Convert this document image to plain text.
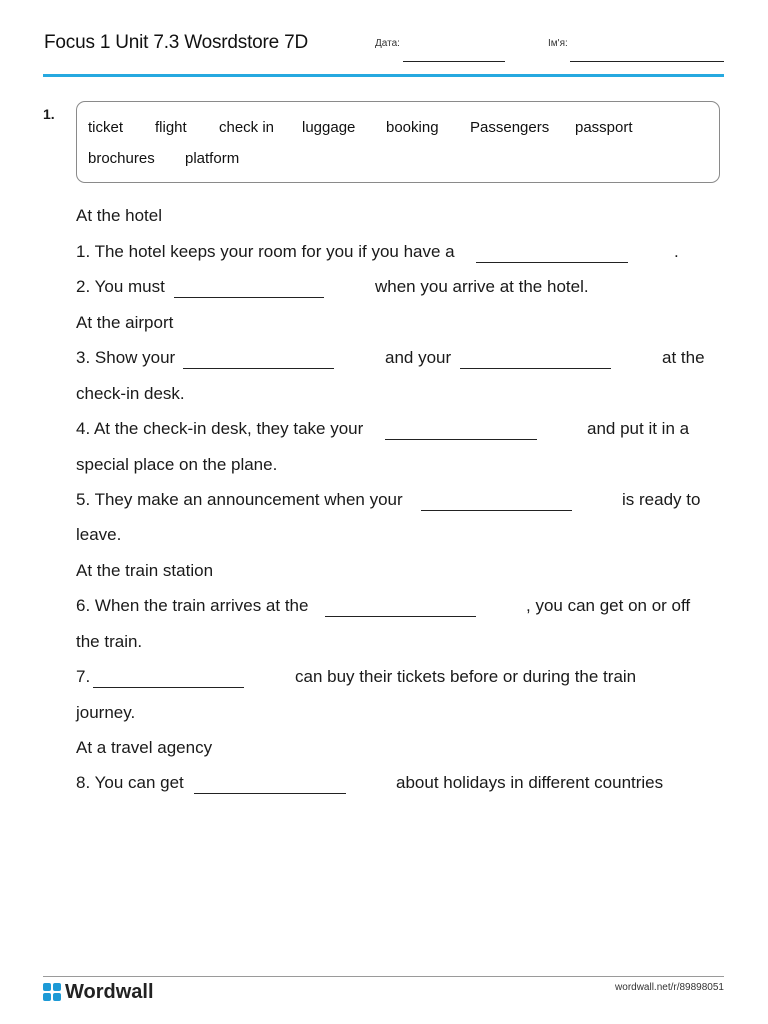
Focus 1 Unit 7.3 Wosrdstore 7D	Дата:	Ім'я:
1.
ticket flight check in luggage booking Passengers passport
brochures platform
At the hotel
1. The hotel keeps your room for you if you have a	.
2. You must	when you arrive at the hotel.
At the airport
3. Show your	and your	at the
check-in desk.
4. At the check-in desk, they take your	and put it in a
special place on the plane.
5. They make an announcement when your	is ready to
leave.
At the train station
6. When the train arrives at the	, you can get on or off
the train.
7.	can buy their tickets before or during the train
journey.
At a travel agency
8. You can get	about holidays in different countries
Wordwall	wordwall.net/r/89898051
